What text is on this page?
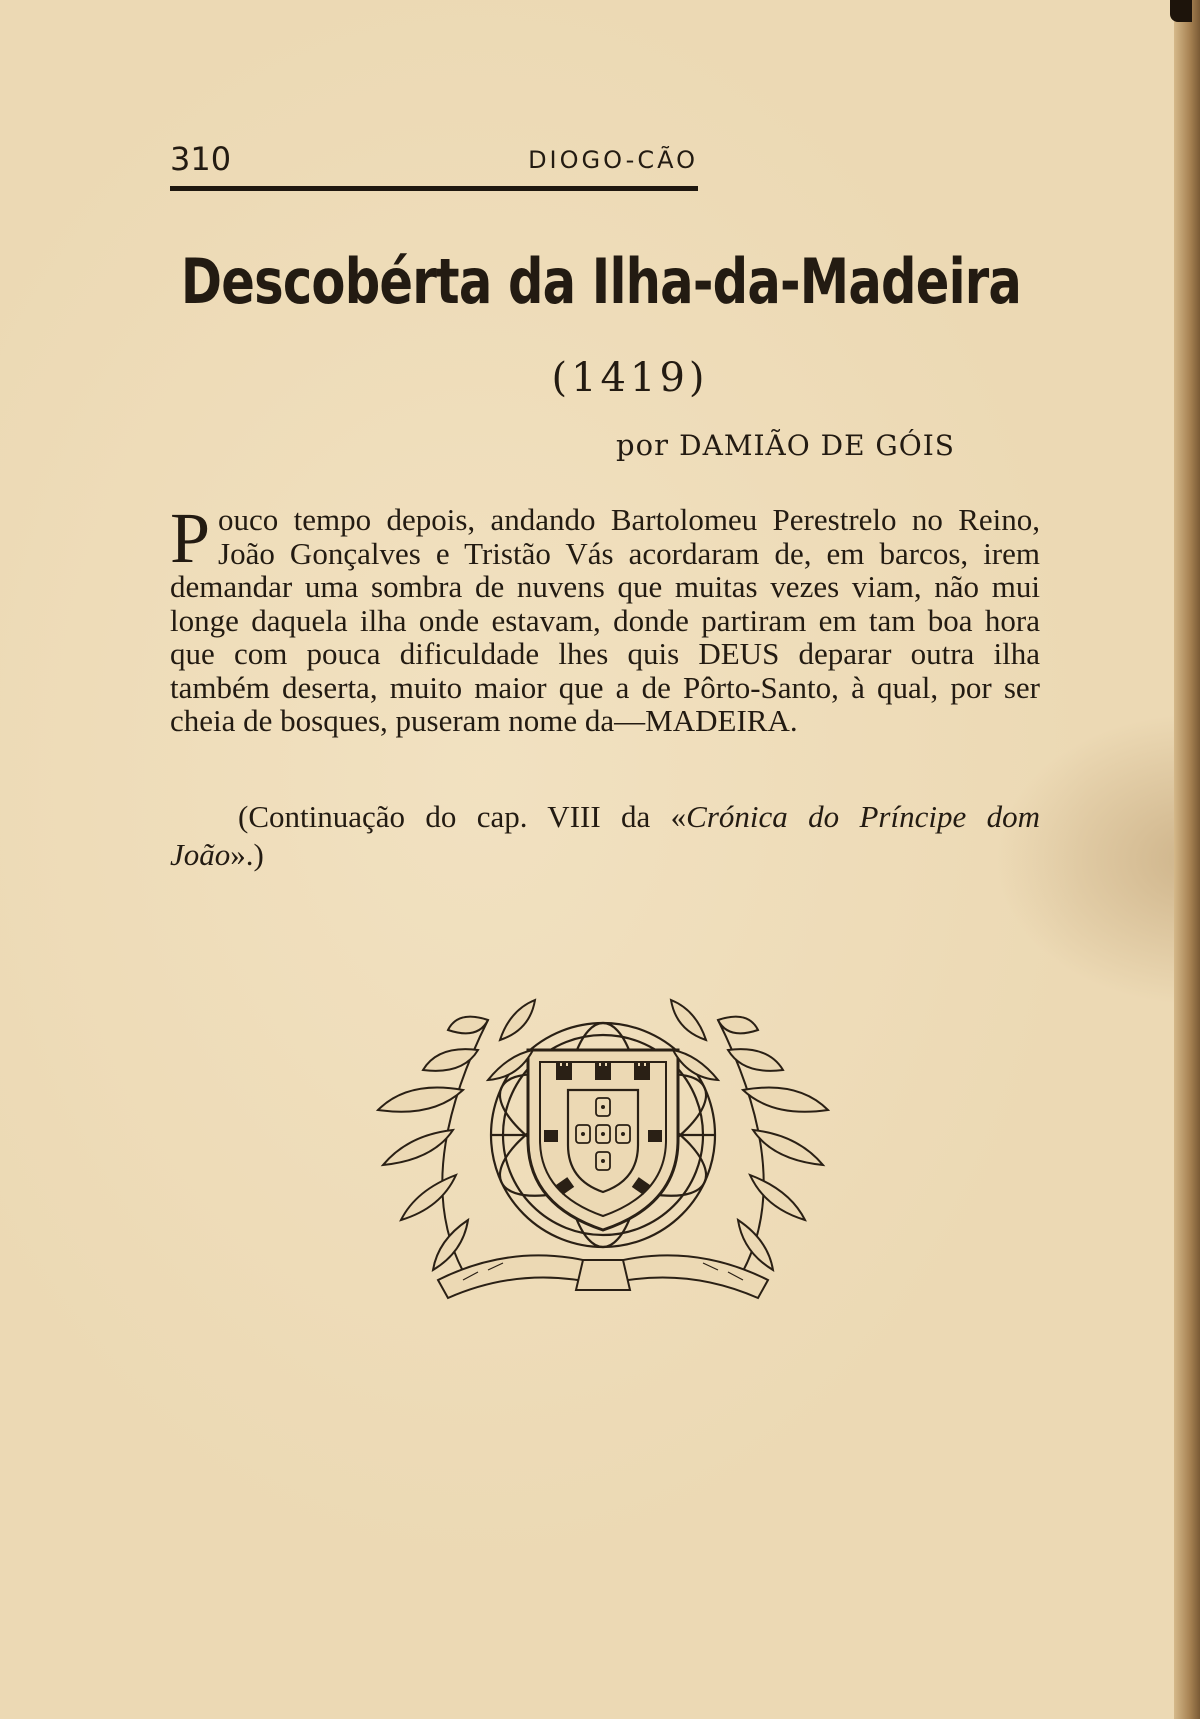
310	DIOGO-CÃO
Descobérta da Ilha-da-Madeira
(1419)
por DAMIÃO DE GÓIS
P ouco tempo depois, andando Bartolomeu Perestrelo no Reino, João Gonçalves e Tristão Vás acordaram de, em barcos, irem demandar uma sombra de nuvens que muitas vezes viam, não mui longe daquela ilha onde estavam, donde partiram em tam boa hora que com pouca dificuldade lhes quis DEUS deparar outra ilha também deserta, muito maior que a de Pôrto-Santo, à qual, por ser cheia de bosques, puseram nome da—MADEIRA.
(Continuação do cap. VIII da «Crónica do Príncipe dom João».)
